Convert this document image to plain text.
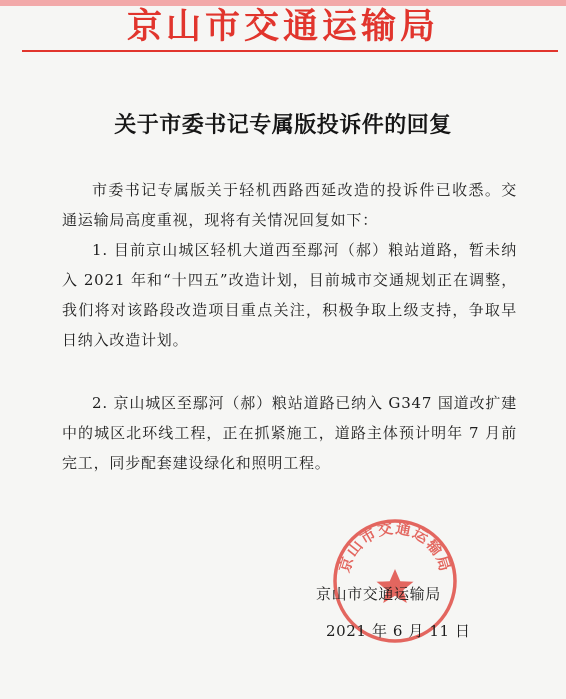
京山市交通运输局
关于市委书记专属版投诉件的回复

市委书记专属版关于轻机西路西延改造的投诉件已收悉。交通运输局高度重视，现将有关情况回复如下：

1. 目前京山城区轻机大道西至鄢河（郝）粮站道路，暂未纳入 2021 年和“十四五”改造计划，目前城市交通规划正在调整，我们将对该路段改造项目重点关注，积极争取上级支持，争取早日纳入改造计划。

2. 京山城区至鄢河（郝）粮站道路已纳入 G347 国道改扩建中的城区北环线工程，正在抓紧施工，道路主体预计明年 7 月前完工，同步配套建设绿化和照明工程。

京山市交通运输局
京山市交通运输局
2021 年 6 月 11 日
